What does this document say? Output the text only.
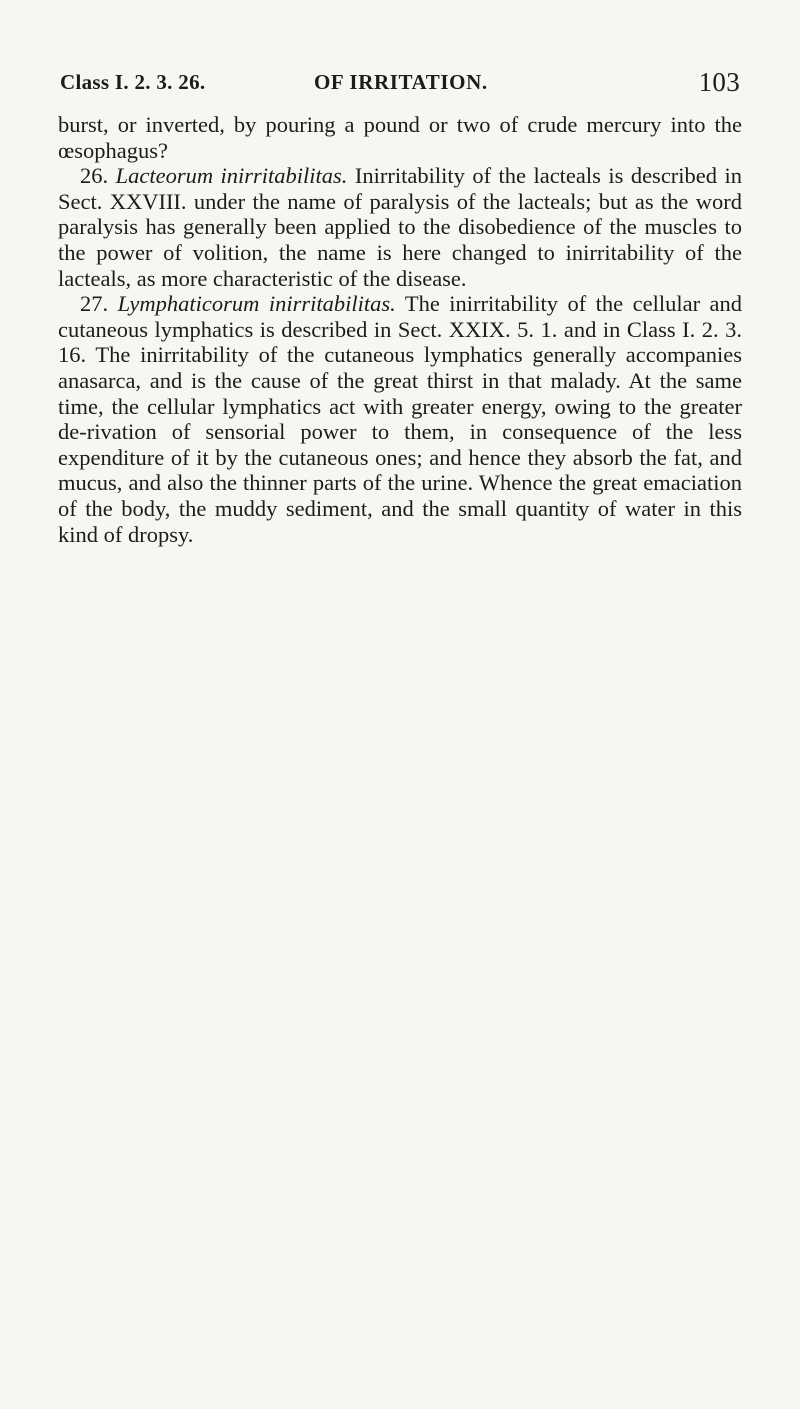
Class I. 2. 3. 26.	OF IRRITATION.	103

burst, or inverted, by pouring a pound or two of crude mercury into the œsophagus?

26. Lacteorum inirritabilitas. Inirritability of the lacteals is described in Sect. XXVIII. under the name of paralysis of the lacteals; but as the word paralysis has generally been applied to the disobedience of the muscles to the power of volition, the name is here changed to inirritability of the lacteals, as more characteristic of the disease.

27. Lymphaticorum inirritabilitas. The inirritability of the cellular and cutaneous lymphatics is described in Sect. XXIX. 5. 1. and in Class I. 2. 3. 16. The inirritability of the cutaneous lymphatics generally accompanies anasarca, and is the cause of the great thirst in that malady. At the same time, the cellular lymphatics act with greater energy, owing to the greater de-rivation of sensorial power to them, in consequence of the less expenditure of it by the cutaneous ones; and hence they absorb the fat, and mucus, and also the thinner parts of the urine. Whence the great emaciation of the body, the muddy sediment, and the small quantity of water in this kind of dropsy.
